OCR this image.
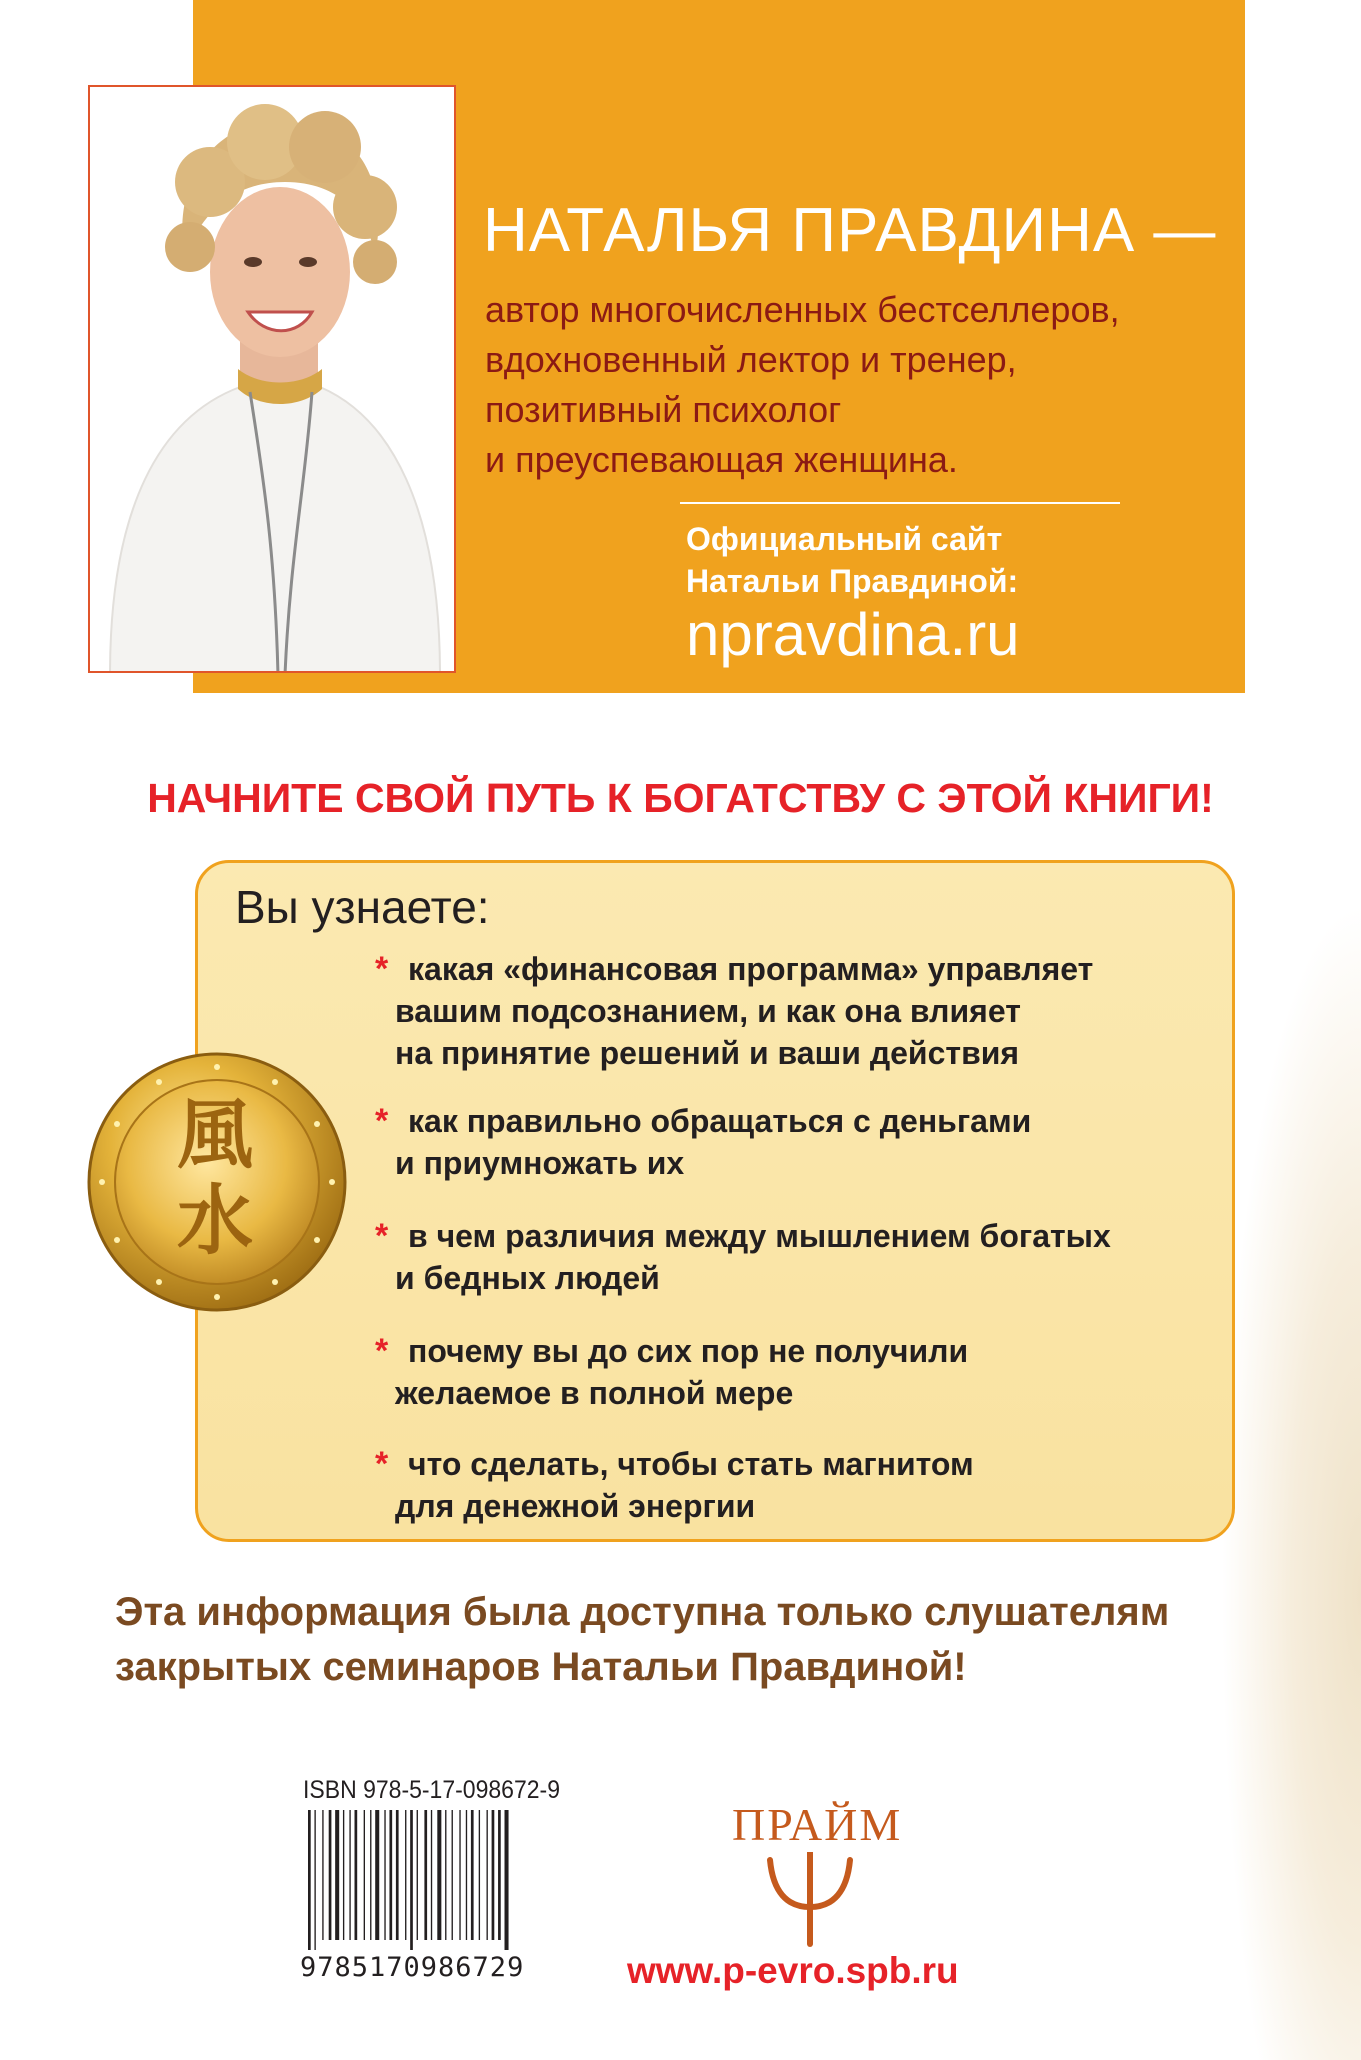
НАТАЛЬЯ ПРАВДИНА —
автор многочисленных бестселлеров,
вдохновенный лектор и тренер,
позитивный психолог
и преуспевающая женщина.
Официальный сайт
Натальи Правдиной:
npravdina.ru
НАЧНИТЕ СВОЙ ПУТЬ К БОГАТСТВУ С ЭТОЙ КНИГИ!
Вы узнаете:
風
水
* какая «финансовая программа» управляет
вашим подсознанием, и как она влияет
на принятие решений и ваши действия
* как правильно обращаться с деньгами
и приумножать их
* в чем различия между мышлением богатых
и бедных людей
* почему вы до сих пор не получили
желаемое в полной мере
* что сделать, чтобы стать магнитом
для денежной энергии
Эта информация была доступна только слушателям
закрытых семинаров Натальи Правдиной!
ISBN 978-5-17-098672-9
9785170986729
ПРАЙМ
www.p-evro.spb.ru
